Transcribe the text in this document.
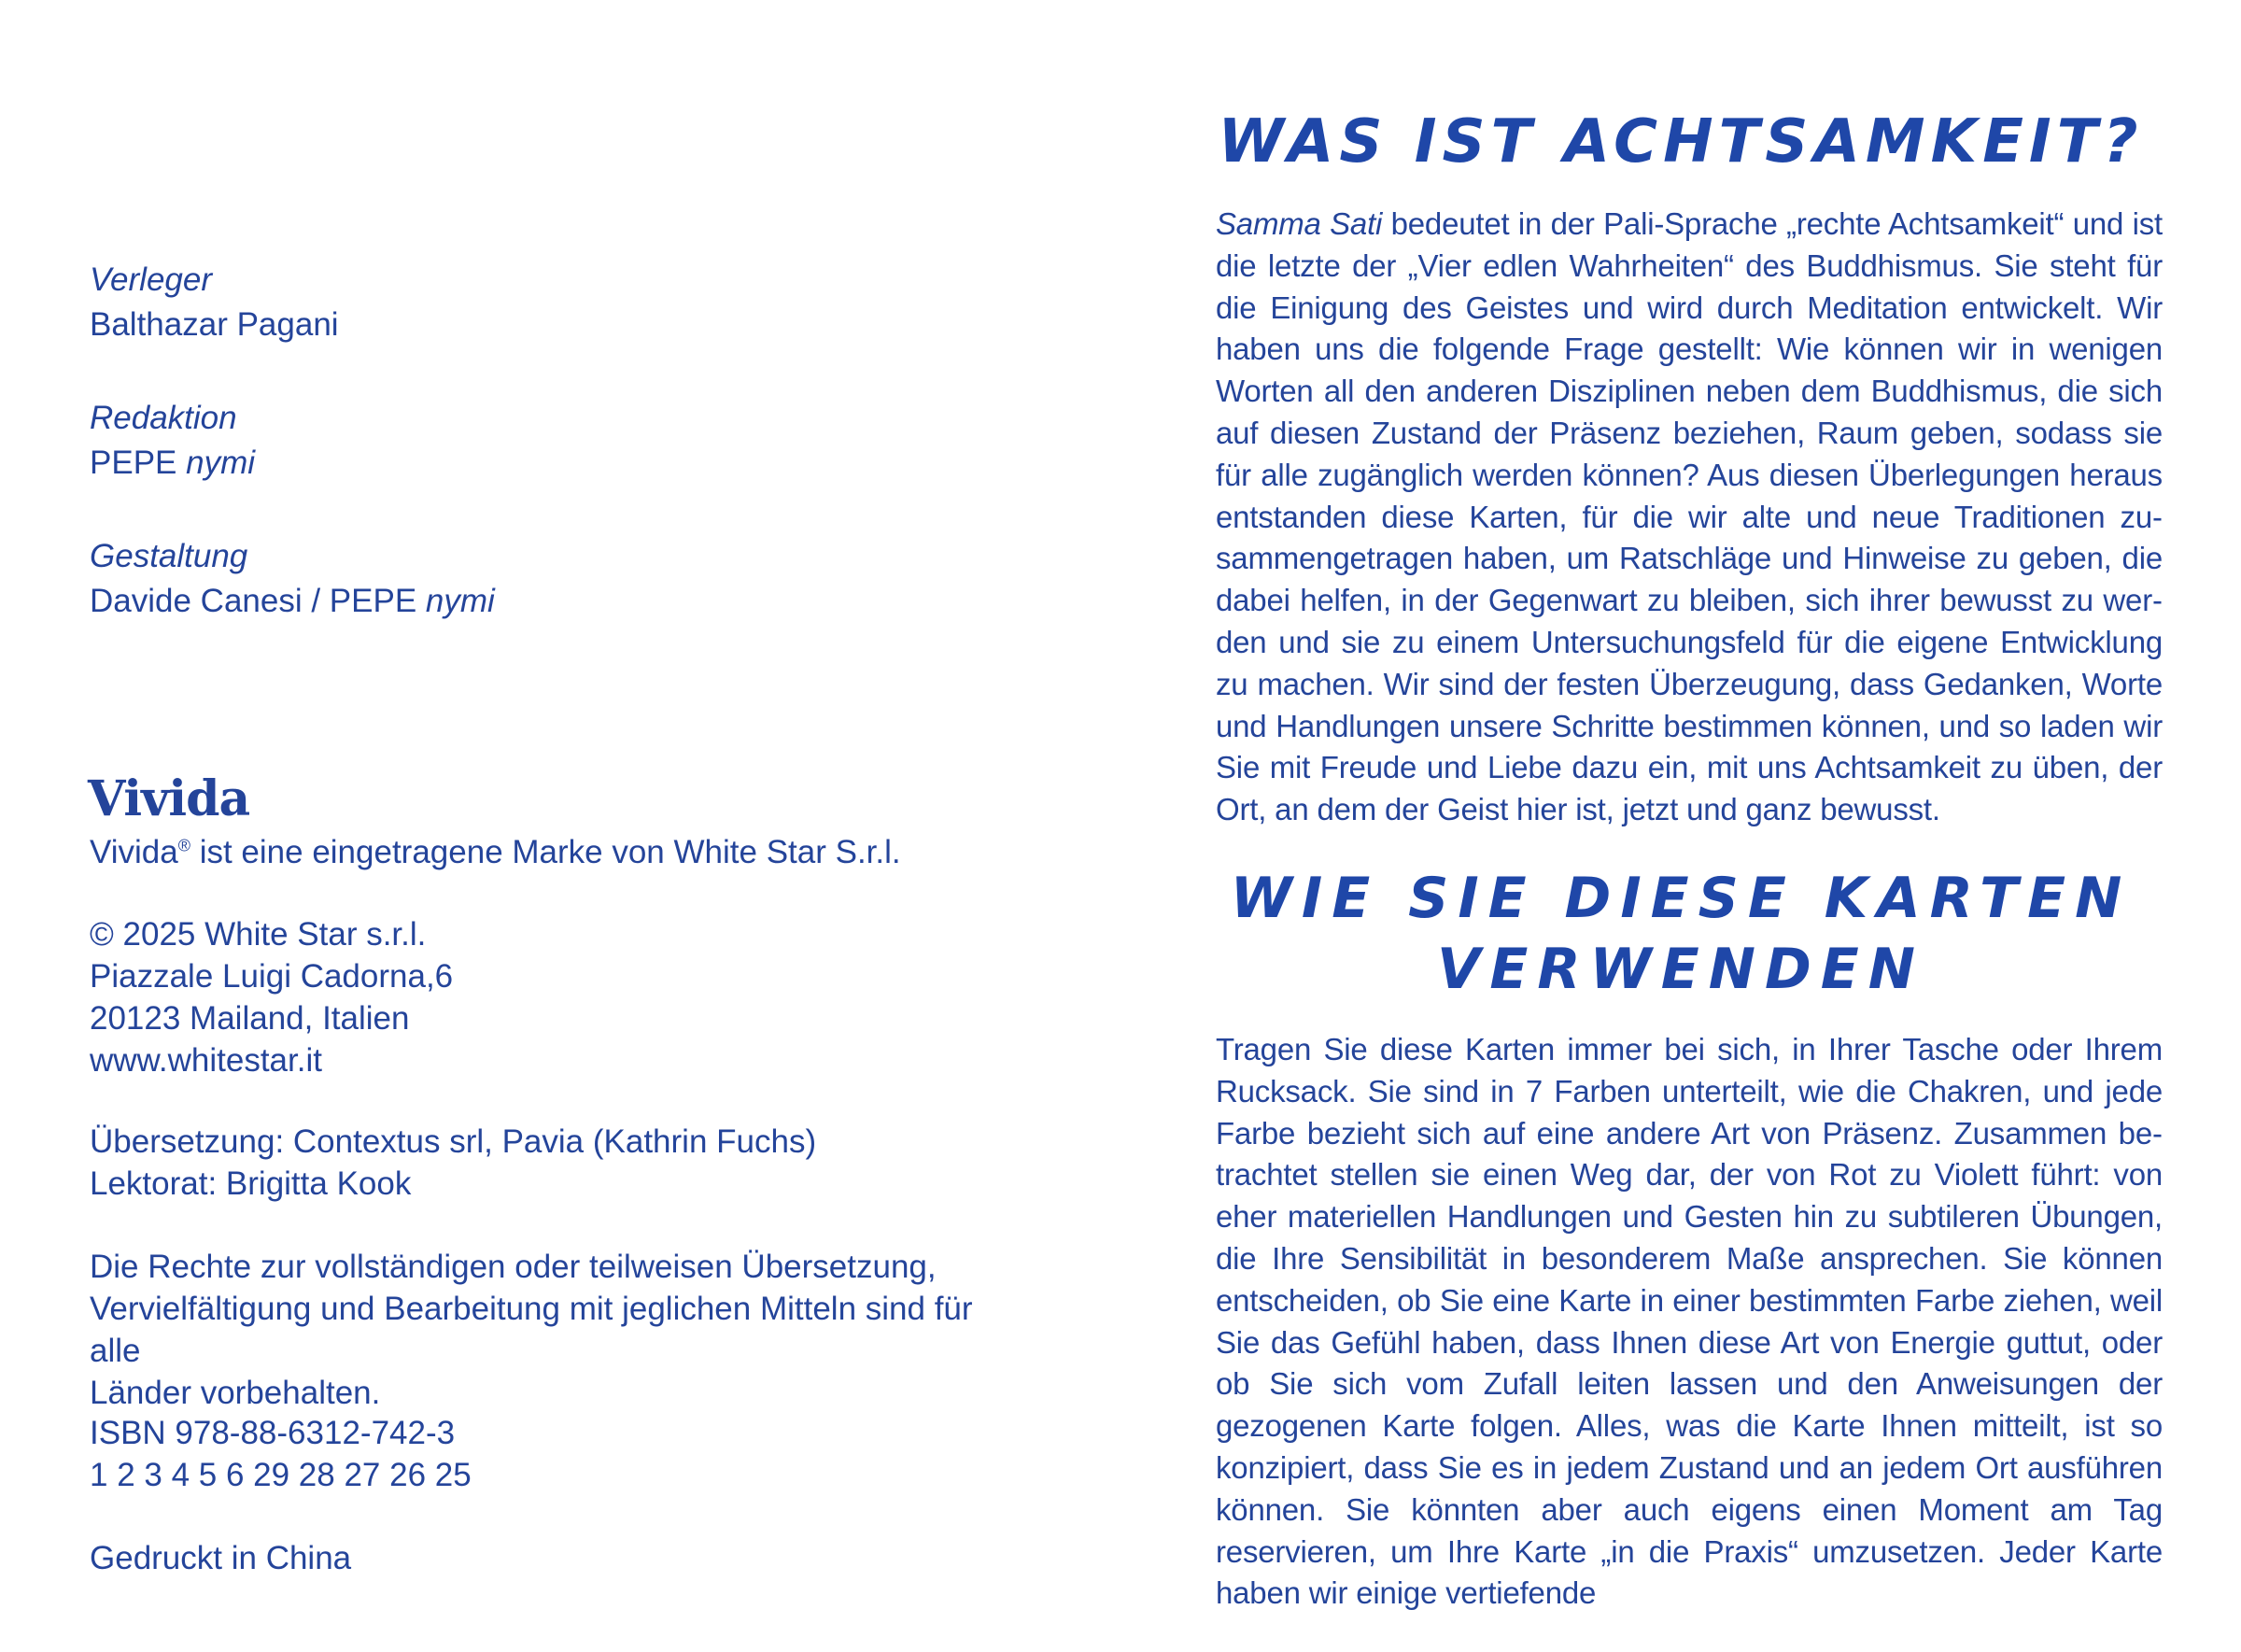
Verleger
Balthazar Pagani
Redaktion
PEPE nymi
Gestaltung
Davide Canesi / PEPE nymi
Vivida
Vivida® ist eine eingetragene Marke von White Star S.r.l.
© 2025 White Star s.r.l.
Piazzale Luigi Cadorna,6
20123 Mailand, Italien
www.whitestar.it
Übersetzung: Contextus srl, Pavia (Kathrin Fuchs)
Lektorat: Brigitta Kook
Die Rechte zur vollständigen oder teilweisen Übersetzung,
Vervielfältigung und Bearbeitung mit jeglichen Mitteln sind für alle
Länder vorbehalten.
ISBN 978-88-6312-742-3
1 2 3 4 5 6 29 28 27 26 25
Gedruckt in China
WAS IST ACHTSAMKEIT?

Samma Sati bedeutet in der Pali-Sprache „rechte Achtsamkeit“ und ist die letzte der „Vier edlen Wahrheiten“ des Buddhismus. Sie steht für die Einigung des Geistes und wird durch Meditation entwickelt. Wir haben uns die folgende Frage gestellt: Wie können wir in wenigen Worten all den anderen Disziplinen neben dem Buddhismus, die sich auf diesen Zustand der Präsenz beziehen, Raum geben, sodass sie für alle zugänglich werden können? Aus diesen Überlegungen heraus entstanden diese Karten, für die wir alte und neue Traditionen zusammengetragen haben, um Ratschläge und Hinweise zu geben, die dabei helfen, in der Gegenwart zu bleiben, sich ihrer bewusst zu werden und sie zu einem Untersuchungsfeld für die eigene Entwicklung zu machen. Wir sind der festen Überzeugung, dass Gedanken, Worte und Handlungen unsere Schritte bestimmen können, und so laden wir Sie mit Freude und Liebe dazu ein, mit uns Achtsamkeit zu üben, der Ort, an dem der Geist hier ist, jetzt und ganz bewusst.

WIE SIE DIESE KARTEN
VERWENDEN

Tragen Sie diese Karten immer bei sich, in Ihrer Tasche oder Ihrem Rucksack. Sie sind in 7 Farben unterteilt, wie die Chakren, und jede Farbe bezieht sich auf eine andere Art von Präsenz. Zusammen betrachtet stellen sie einen Weg dar, der von Rot zu Violett führt: von eher materiellen Handlungen und Gesten hin zu subtileren Übungen, die Ihre Sensibilität in besonderem Maße ansprechen. Sie können entscheiden, ob Sie eine Karte in einer bestimmten Farbe ziehen, weil Sie das Gefühl haben, dass Ihnen diese Art von Energie guttut, oder ob Sie sich vom Zufall leiten lassen und den Anweisungen der gezogenen Karte folgen. Alles, was die Karte Ihnen mitteilt, ist so konzipiert, dass Sie es in jedem Zustand und an jedem Ort ausführen können. Sie könnten aber auch eigens einen Moment am Tag reservieren, um Ihre Karte „in die Praxis“ umzusetzen. Jeder Karte haben wir einige vertiefende
